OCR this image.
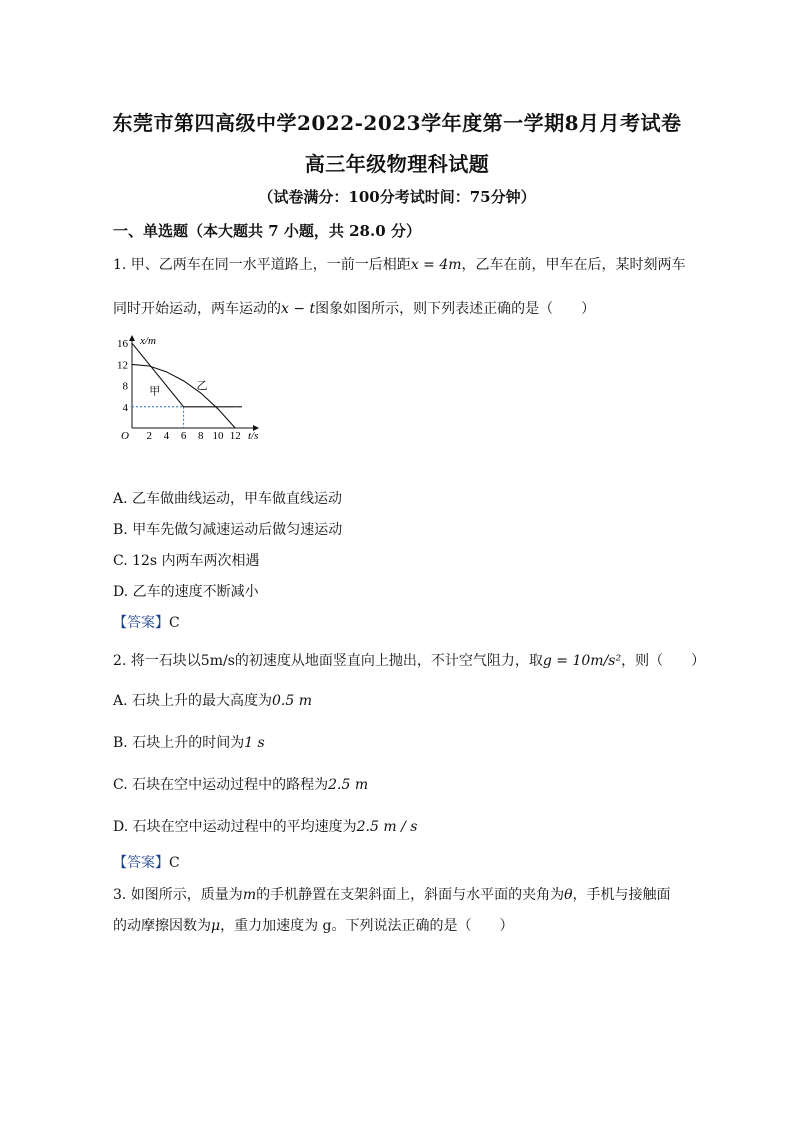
东莞市第四高级中学2022-2023学年度第一学期8月月考试卷
高三年级物理科试题
（试卷满分：100分考试时间：75分钟）
一、单选题（本大题共 7 小题，共 28.0 分）
1. 甲、乙两车在同一水平道路上，一前一后相距x = 4m，乙车在前，甲车在后，某时刻两车
同时开始运动，两车运动的x − t图象如图所示，则下列表述正确的是（　　）
x/m
t/s
O 2 4 6 8 10 12
4
8
12
16
甲	乙
A. 乙车做曲线运动，甲车做直线运动
B. 甲车先做匀减速运动后做匀速运动
C. 12s 内两车两次相遇
D. 乙车的速度不断减小
【答案】C
2. 将一石块以5m/s的初速度从地面竖直向上抛出，不计空气阻力，取g = 10m/s²，则（　　）
A. 石块上升的最大高度为0.5 m
B. 石块上升的时间为1 s
C. 石块在空中运动过程中的路程为2.5 m
D. 石块在空中运动过程中的平均速度为2.5 m / s
【答案】C
3. 如图所示，质量为m的手机静置在支架斜面上，斜面与水平面的夹角为θ，手机与接触面
的动摩擦因数为μ，重力加速度为 g。下列说法正确的是（　　）
